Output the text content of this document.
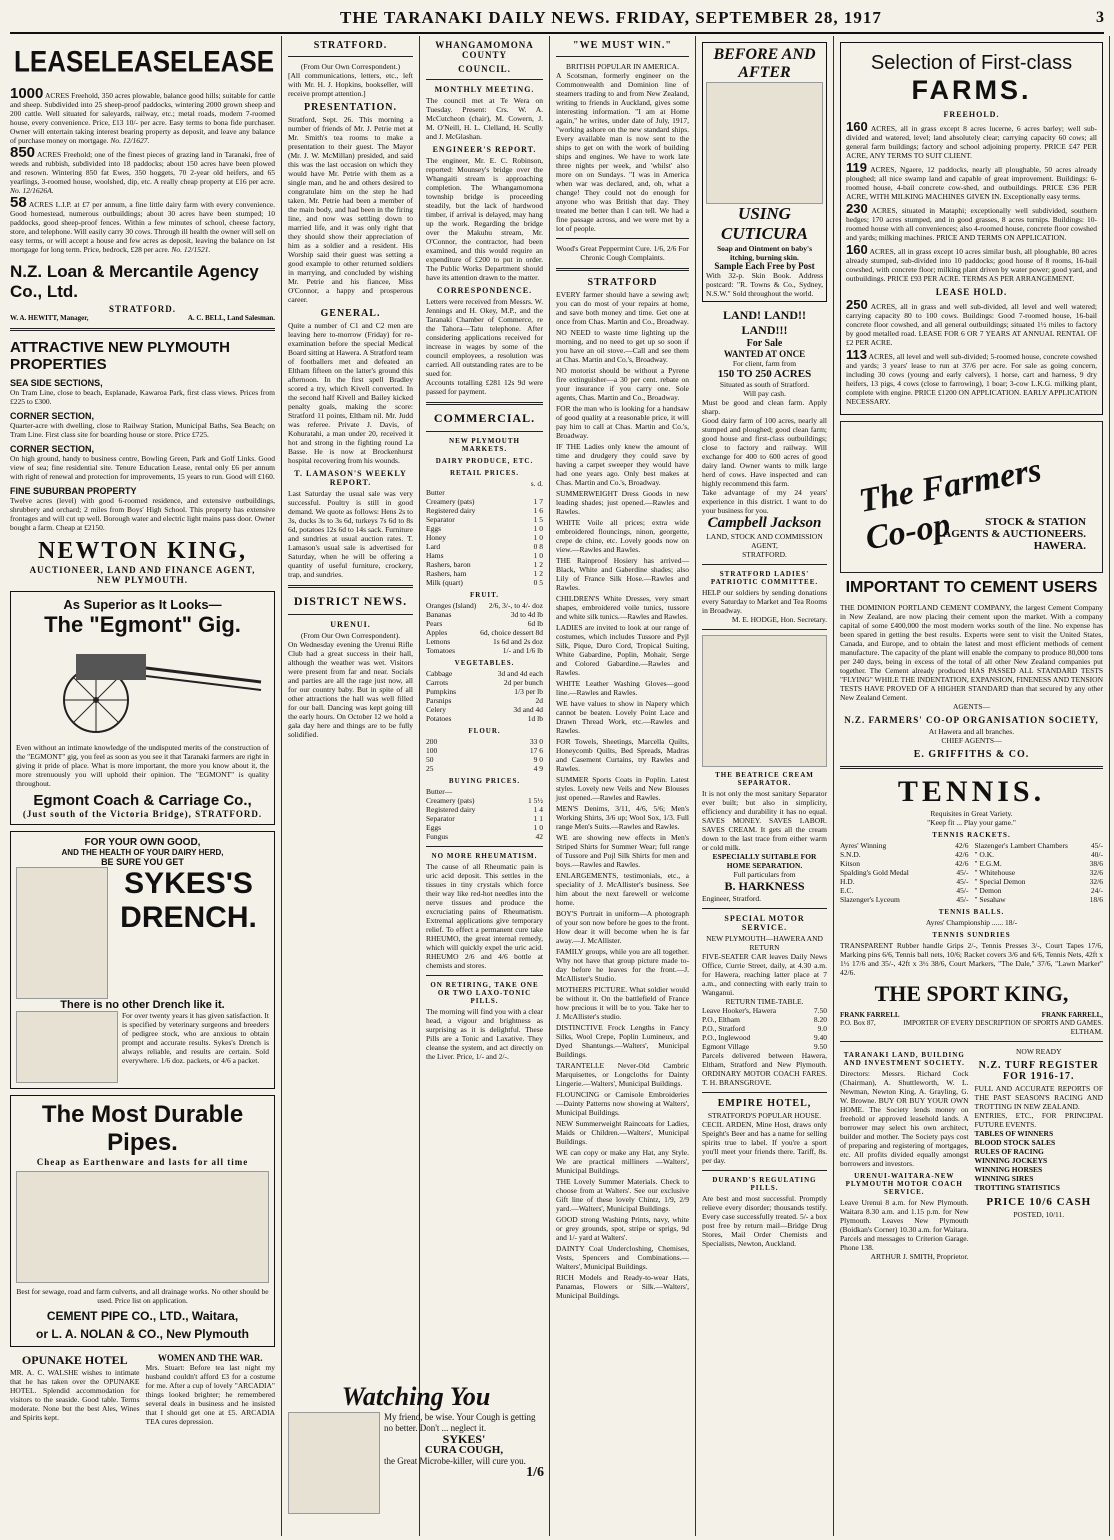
THE TARANAKI DAILY NEWS. FRIDAY, SEPTEMBER 28, 1917	3
LEASE LEASE LEASE
1000 ACRES Freehold, 350 acres plowable, balance good hills; suitable for cattle and sheep. Subdivided into 25 sheep-proof paddocks, wintering 2000 grown sheep and 200 cattle. Well situated for saleyards, railway, etc.; metal roads, modern 7-roomed house, every convenience. Price, £13 10/- per acre. Easy terms to bona fide purchaser. Owner will entertain taking interest bearing property as deposit, and leave any balance of purchase money on mortgage. No. 12/1627.
850 ACRES Freehold; one of the finest pieces of grazing land in Taranaki, free of weeds and rubbish, subdivided into 18 paddocks; about 150 acres have been plowed and resown. Wintering 850 fat Ewes, 350 hoggets, 70 2-year old heifers, and 65 yearlings, 3-roomed house, woolshed, dip, etc. A really cheap property at £16 per acre. No. 12/1626A.
58 ACRES L.I.P. at £7 per annum, a fine little dairy farm with every convenience. Good homestead, numerous outbuildings; about 30 acres have been stumped; 10 paddocks, good sheep-proof fences. Within a few minutes of school, cheese factory, store, and telephone. Will easily carry 30 cows. Through ill health the owner will sell on easy terms, or will accept a house and few acres as deposit, leaving the balance on 1st mortgage for long term. Price, bedrock, £28 per acre. No. 12/1521.
N.Z. Loan & Mercantile Agency Co., Ltd.
STRATFORD.
W. A. HEWITT, Manager,	A. C. BELL, Land Salesman.
ATTRACTIVE NEW PLYMOUTH PROPERTIES
SEA SIDE SECTIONS,
On Tram Line, close to beach, Esplanade, Kawaroa Park, first class views. Prices from £225 to £300.
CORNER SECTION,
Quarter-acre with dwelling, close to Railway Station, Municipal Baths, Sea Beach; on Tram Line. First class site for boarding house or store. Price £725.
CORNER SECTION,
On high ground, handy to business centre, Bowling Green, Park and Golf Links. Good view of sea; fine residential site. Tenure Education Lease, rental only £6 per annum with right of renewal and protection for improvements, 15 years to run. Good will £160.
FINE SUBURBAN PROPERTY
Twelve acres (level) with good 6-roomed residence, and extensive outbuildings, shrubbery and orchard; 2 miles from Boys' High School. This property has extensive frontages and will cut up well. Borough water and electric light mains pass door. Owner bought a farm. Cheap at £2150.
NEWTON KING,
AUCTIONEER, LAND AND FINANCE AGENT,
NEW PLYMOUTH.
As Superior as It Looks—
The "Egmont" Gig.
Even without an intimate knowledge of the undisputed merits of the construction of the "EGMONT" gig, you feel as soon as you see it that Taranaki farmers are right in giving it pride of place. What is more important, the more you know about it, the more strenuously you will uphold their opinion. The "EGMONT" is quality throughout.
Egmont Coach & Carriage Co.,
(Just south of the Victoria Bridge), STRATFORD.
FOR YOUR OWN GOOD,
AND THE HEALTH OF YOUR DAIRY HERD,
BE SURE YOU GET
SYKES'S
DRENCH.
There is no other Drench like it.
For over twenty years it has given satisfaction. It is specified by veterinary surgeons and breeders of pedigree stock, who are anxious to obtain prompt and accurate results. Sykes's Drench is always reliable, and results are certain. Sold everywhere. 1/6 doz. packets, or 4/6 a packet.
The Most Durable Pipes.
Cheap as Earthenware and lasts for all time
Best for sewage, road and farm culverts, and all drainage works. No other should be used. Price list on application.
CEMENT PIPE CO., LTD., Waitara,
or L. A. NOLAN & CO., New Plymouth
OPUNAKE HOTEL
MR. A. C. WALSHE wishes to intimate that he has taken over the OPUNAKE HOTEL. Splendid accommodation for visitors to the seaside. Good table. Terms moderate. None but the best Ales, Wines and Spirits kept.
WOMEN AND THE WAR.
Mrs. Stuart: Before tea last night my husband couldn't afford £3 for a costume for me. After a cup of lovely "ARCADIA" things looked brighter; he remembered several deals in business and he insisted that I should get one at £5. ARCADIA TEA cures depression.
STRATFORD.
(From Our Own Correspondent.)
[All communications, letters, etc., left with Mr. H. J. Hopkins, bookseller, will receive prompt attention.]
PRESENTATION.
Stratford, Sept. 26. This morning a number of friends of Mr. J. Petrie met at Mr. Smith's tea rooms to make a presentation to their guest. The Mayor (Mr. J. W. McMillan) presided, and said this was the last occasion on which they would have Mr. Petrie with them as a single man, and he and others desired to congratulate him on the step he had taken. Mr. Petrie had been a member of the main body, and had been in the firing line, and now was settling down to married life, and it was only right that they should show their appreciation of him as a soldier and a resident. His Worship said their guest was setting a good example to other returned soldiers in marrying, and concluded by wishing Mr. Petrie and his fiancee, Miss O'Connor, a happy and prosperous career.
GENERAL.
Quite a number of C1 and C2 men are leaving here to-morrow (Friday) for re-examination before the special Medical Board sitting at Hawera. A Stratford team of footballers met and defeated an Eltham fifteen on the latter's ground this afternoon. In the first spell Bradley scored a try, which Kivell converted. In the second half Kivell and Bailey kicked penalty goals, making the score: Stratford 11 points, Eltham nil. Mr. Judd was referee. Private J. Davis, of Kohuratahi, a man under 20, received it hot and strong in the fighting round La Basse. He is now at Brockenhurst hospital recovering from his wounds.
T. LAMASON'S WEEKLY REPORT.
Last Saturday the usual sale was very successful. Poultry is still in good demand. We quote as follows: Hens 2s to 3s, ducks 3s to 3s 6d, turkeys 7s 6d to 8s 6d, potatoes 12s 6d to 14s sack. Furniture and sundries at usual auction rates. T. Lamason's usual sale is advertised for Saturday, when he will be offering a quantity of useful furniture, crockery, trap, and sundries.
DISTRICT NEWS.
URENUI.
(From Our Own Correspondent).
On Wednesday evening the Urenui Rifle Club had a great success in their hall, although the weather was wet. Visitors were present from far and near. Socials and parties are all the rage just now, all for our country baby. But in spite of all other attractions the hall was well filled for our ball. Dancing was kept going till the early hours. On October 12 we hold a gala day here and things are to be fully solidified.
WHANGAMOMONA COUNTY
COUNCIL.
MONTHLY MEETING.
The council met at Te Wera on Tuesday. Present: Crs. W. A. McCutcheon (chair), M. Cowern, J. M. O'Neill, H. L. Clelland, H. Scully and J. McGlashan.
ENGINEER'S REPORT.
The engineer, Mr. E. C. Robinson, reported: Mounsey's bridge over the Whangaiti stream is approaching completion. The Whangamomona township bridge is proceeding steadily, but the lack of hardwood timber, if arrival is delayed, may hang up the work. Regarding the bridge over the Makuhu stream, Mr. O'Connor, the contractor, had been examined, and this would require an expenditure of £200 to put in order. The Public Works Department should have its attention drawn to the matter.
CORRESPONDENCE.
Letters were received from Messrs. W. Jennings and H. Okey, M.P., and the Taranaki Chamber of Commerce, re the Tahora—Tatu telephone. After considering applications received for increase in wages by some of the council employees, a resolution was carried. All outstanding rates are to be sued for.
Accounts totalling £281 12s 9d were passed for payment.
COMMERCIAL.
NEW PLYMOUTH MARKETS.
DAIRY PRODUCE, ETC.
RETAIL PRICES.
s. d.
Butter	
Creamery (pats)	1 7
Registered dairy	1 6
Separator	1 5
Eggs	1 0
Honey	1 0
Lard	0 8
Hams	1 0
Rashers, baron	1 2
Rashers, ham	1 2
Milk (quart)	0 5
FRUIT.
Oranges (Island)	2/6, 3/-, to 4/- doz
Bananas	3d to 4d lb
Pears	6d lb
Apples	6d, choice dessert 8d
Lemons	1s 6d and 2s doz
Tomatoes	1/- and 1/6 lb
VEGETABLES.
Cabbage	3d and 4d each
Carrots	2d per bunch
Pumpkins	1/3 per lb
Parsnips	2d
Celery	3d and 4d
Potatoes	1d lb
FLOUR.
200	33 0
100	17 6
50	9 0
25	4 9
BUYING PRICES.
Butter—	
Creamery (pats)	1 5½
Registered dairy	1 4
Separator	1 1
Eggs	1 0
Fungus	42
NO MORE RHEUMATISM.
The cause of all Rheumatic pain is uric acid deposit. This settles in the tissues in tiny crystals which force their way like red-hot needles into the nerve tissues and produce the excruciating pains of Rheumatism. Extremal applications give temporary relief. To effect a permanent cure take RHEUMO, the great internal remedy, which will quickly expel the uric acid. RHEUMO 2/6 and 4/6 bottle at chemists and stores.
ON RETIRING, TAKE ONE OR TWO LAXO-TONIC PILLS.
The morning will find you with a clear head, a vigour and brightness as surprising as it is delightful. These Pills are a Tonic and Laxative. They cleanse the system, and act directly on the Liver. Price, 1/- and 2/-.
"WE MUST WIN."
BRITISH POPULAR IN AMERICA.
A Scotsman, formerly engineer on the Commonwealth and Dominion line of steamers trading to and from New Zealand, writing to friends in Auckland, gives some interesting information. "I am at Home again," he writes, under date of July, 1917, "working ashore on the new standard ships. Every available man is now sent to the ships to get on with the work of building ships and engines. We have to work late three nights per week, and 'whilst' also more on on Sundays. "I was in America when war was declared, and, oh, what a change! They could not do enough for anyone who was British that day. They treated me better than I can tell. We had a fine passage across, and we were met by a lot of people.
Wood's Great Peppermint Cure. 1/6, 2/6 For Chronic Cough Complaints.
STRATFORD
EVERY farmer should have a sewing awl; you can do most of your repairs at home, and save both money and time. Get one at once from Chas. Martin and Co., Broadway.
NO NEED to waste time lighting up the morning, and no need to get up so soon if you have an oil stove.—Call and see them at Chas. Martin and Co.'s, Broadway.
NO motorist should be without a Pyrene fire extinguisher—a 30 per cent. rebate on your insurance if you carry one. Sole agents, Chas. Martin and Co., Broadway.
FOR the man who is looking for a handsaw of good quality at a reasonable price, it will pay him to call at Chas. Martin and Co.'s, Broadway.
IF THE Ladies only knew the amount of time and drudgery they could save by having a carpet sweeper they would have had one years ago. Only best makes at Chas. Martin and Co.'s, Broadway.
SUMMERWEIGHT Dress Goods in new leading shades; just opened.—Rawles and Rawles.
WHITE Voile all prices; extra wide embroidered flouncings, ninon, georgette, crepe de chine, etc. Lovely goods now on view.—Rawles and Rawles.
THE Rainproof Hosiery has arrived—Black, White and Gaberdine shades; also Lily of France Silk Hose.—Rawles and Rawles.
CHILDREN'S White Dresses, very smart shapes, embroidered voile tunics, tussore and white silk tunics.—Rawles and Rawles.
LADIES are invited to look at our range of costumes, which includes Tussore and Pyjl Silk, Pique, Duro Cord, Tropical Suiting, White Gabardine, Poplin, Mohair, Serge and Colored Gabardine.—Rawles and Rawles.
WHITE Leather Washing Gloves—good line.—Rawles and Rawles.
WE have values to show in Napery which cannot be beaten. Lovely Point Lace and Drawn Thread Work, etc.—Rawles and Rawles.
FOR Towels, Sheetings, Marcella Quilts, Honeycomb Quilts, Bed Spreads, Madras and Casement Curtains, try Rawles and Rawles.
SUMMER Sports Coats in Poplin. Latest styles. Lovely new Veils and New Blouses just opened.—Rawles and Rawles.
MEN'S Denims, 3/11, 4/6, 5/6; Men's Working Shirts, 3/6 up; Wool Sox, 1/3. Full range Men's Suits.—Rawles and Rawles.
WE are showing new effects in Men's Striped Shirts for Summer Wear; full range of Tussore and Pujl Silk Shirts for men and boys.—Rawles and Rawles.
ENLARGEMENTS, testimonials, etc., a speciality of J. McAllister's business. See him about the next farewell or welcome home.
BOY'S Portrait in uniform—A photograph of your son now before he goes to the front. How dear it will become when he is far away.—J. McAllister.
FAMILY groups, while you are all together. Why not have that group picture made to-day before he leaves for the front.—J. McAllister's Studio.
MOTHERS PICTURE. What soldier would be without it. On the battlefield of France how precious it will be to you. Take her to J. McAllister's studio.
DISTINCTIVE Frock Lengths in Fancy Silks, Wool Crepe, Poplin Lumineux, and Dyed Shantungs.—Walters', Municipal Buildings.
TARANTELLE Never-Old Cambric Marquisettes, or Longcloths for Dainty Lingerie.—Walters', Municipal Buildings.
FLOUNCING or Camisole Embroideries —Dainty Patterns now showing at Walters', Municipal Buildings.
NEW Summerweight Raincoats for Ladies, Maids or Children.—Walters', Municipal Buildings.
WE can copy or make any Hat, any Style. We are practical milliners —Walters', Municipal Buildings.
THE Lovely Summer Materials. Check to choose from at Walters'. See our exclusive Gift line of these lovely Chintz, 1/9, 2/9 yard.—Walters', Municipal Buildings.
GOOD strong Washing Prints, navy, white or grey grounds, spot, stripe or sprigs, 9d and 1/- yard at Walters'.
DAINTY Coal Undercloshing, Chemises, Vests, Spencers and Combinations.—Walters', Municipal Buildings.
RICH Models and Ready-to-wear Hats, Panamas, Flowers or Silk.—Walters', Municipal Buildings.
BEFORE AND AFTER
USING CUTICURA
Soap and Ointment on baby's itching, burning skin.
Sample Each Free by Post
With 32-p. Skin Book. Address postcard: "R. Towns & Co., Sydney, N.S.W." Sold throughout the world.
LAND! LAND!! LAND!!!
For Sale
WANTED AT ONCE
For client, farm from
150 TO 250 ACRES
Situated as south of Stratford.
Will pay cash.
Must be good and clean farm. Apply sharp.
Good dairy farm of 100 acres, nearly all stumped and ploughed; good clean farm; good house and first-class outbuildings; close to factory and railway. Will exchange for 400 to 600 acres of good dairy land. Owner wants to milk large herd of cows. Have inspected and can highly recommend this farm.
Take advantage of my 24 years' experience in this district. I want to do your business for you.
Campbell Jackson
LAND, STOCK AND COMMISSION AGENT,
STRATFORD.
STRATFORD LADIES' PATRIOTIC COMMITTEE.
HELP our soldiers by sending donations every Saturday to Market and Tea Rooms in Broadway.
M. E. HODGE, Hon. Secretary.
THE BEATRICE CREAM SEPARATOR.
It is not only the most sanitary Separator ever built; but also in simplicity, efficiency and durability it has no equal. SAVES MONEY. SAVES LABOR. SAVES CREAM. It gets all the cream down to the last trace from either warm or cold milk.
ESPECIALLY SUITABLE FOR HOME SEPARATION.
Full particulars from
B. HARKNESS
Engineer, Stratford.
SPECIAL MOTOR SERVICE.
NEW PLYMOUTH—HAWERA AND RETURN
FIVE-SEATER CAR leaves Daily News Office, Currie Street, daily, at 4.30 a.m. for Hawera, reaching latter place at 7 a.m., and connecting with early train to Wanganui.
RETURN TIME-TABLE.
Leave Hooker's, Hawera	7.50
P.O., Eltham	8.20
P.O., Stratford	9.0
P.O., Inglewood	9.40
Egmont Village	9.50
Parcels delivered between Hawera, Eltham, Stratford and New Plymouth. ORDINARY MOTOR COACH FARES. T. H. BRANSGROVE.
EMPIRE HOTEL,
STRATFORD'S POPULAR HOUSE.
CECIL ARDEN, Mine Host, draws only Speight's Beer and has a name for selling spirits true to label. If you're a sport you'll meet your friends there. Tariff, 8s. per day.
DURAND'S REGULATING PILLS.
Are best and most successful. Promptly relieve every disorder; thousands testify. Every case successfully treated. 5/- a box post free by return mail—Bridge Drug Stores, Mail Order Chemists and Specialists, Newton, Auckland.
Selection of First-class
FARMS.
FREEHOLD.
160 ACRES, all in grass except 8 acres lucerne, 6 acres barley; well sub-divided and watered, level; land absolutely clear; carrying capacity 60 cows; all general farm buildings; factory and school adjoining property. PRICE £47 PER ACRE, ANY TERMS TO SUIT CLIENT.
119 ACRES, Ngaere, 12 paddocks, nearly all ploughable, 50 acres already ploughed; all nice swamp land and capable of great improvement. Buildings: 6-roomed house, 4-bail concrete cow-shed, and outbuildings. PRICE £36 PER ACRE, WITH MILKING MACHINES GIVEN IN. Exceptionally easy terms.
230 ACRES, situated in Mataphi; exceptionally well subdivided, southern hedges; 170 acres stumped, and in good grasses, 8 acres turnips. Buildings: 10-roomed house with all conveniences; also 4-roomed house, concrete floor cowshed and yards; milking machines. PRICE AND TERMS ON APPLICATION.
160 ACRES, all in grass except 10 acres similar bush, all ploughable, 80 acres already stumped, sub-divided into 10 paddocks; good house of 8 rooms, 16-bail cowshed, with concrete floor; milking plant driven by water power; good yard, and outbuildings. PRICE £93 PER ACRE. TERMS AS PER ARRANGEMENT.
LEASE HOLD.
250 ACRES, all in grass and well sub-divided, all level and well watered; carrying capacity 80 to 100 cows. Buildings: Good 7-roomed house, 16-bail concrete floor cowshed, and all general outbuildings; situated 1½ miles to factory by good metalled road. LEASE FOR 6 OR 7 YEARS AT ANNUAL RENTAL OF £2 PER ACRE.
113 ACRES, all level and well sub-divided; 5-roomed house, concrete cowshed and yards; 3 years' lease to run at 37/6 per acre. For sale as going concern, including 30 cows (young and early calvers), 1 horse, cart and harness, 9 dry heifers, 13 pigs, 4 cows (close to farrowing), 1 boar; 3-cow L.K.G. milking plant, complete with engine. PRICE £1200 ON APPLICATION. EARLY APPLICATION NECESSARY.
The Farmers Co-op	STOCK & STATION
AGENTS & AUCTIONEERS.
HAWERA.
IMPORTANT TO CEMENT USERS
THE DOMINION PORTLAND CEMENT COMPANY, the largest Cement Company in New Zealand, are now placing their cement upon the market. With a company capital of some £400,000 the most modern works south of the line. No expense has been spared in getting the best results. Experts were sent to visit the United States, Canada, and Europe, and to obtain the latest and most efficient methods of cement manufacture. The capacity of the plant will enable the company to produce 80,000 tons per 240 days, being in excess of the total of all other New Zealand companies put together. The Cement already produced HAS PASSED ALL STANDARD TESTS "FLYING" WHILE THE INDENTATION, EXPANSION, FINENESS AND TENSION TESTS HAVE PROVED OF A HIGHER STANDARD than that secured by any other New Zealand Cement.
AGENTS—
N.Z. FARMERS' CO-OP ORGANISATION SOCIETY,
At Hawera and all branches.
CHIEF AGENTS—
E. GRIFFITHS & CO.
TENNIS.
Requisites in Great Variety.
"Keep fit ... Play your game."
TENNIS RACKETS.
Ayres' Winning	42/6
S.N.D.	42/6
Kitson	42/6
Spalding's Gold Medal	45/-
H.D.	45/-
E.C.	45/-
Slazenger's Lyceum	45/-
Slazenger's Lambert Chambers	45/-
" O.K.	40/-
" E.G.M.	38/6
" Whitehouse	32/6
" Special Demon	32/6
" Demon	24/-
" Sesahaw	18/6
TENNIS BALLS.
Ayres' Championship ...... 18/-
TENNIS SUNDRIES
TRANSPARENT Rubber handle Grips 2/-, Tennis Presses 3/-, Court Tapes 17/6, Marking pins 6/6, Tennis ball nets, 10/6; Racket covers 3/6 and 6/6, Tennis Nets, 42ft x 1½ 17/6 and 35/-, 42ft x 3½ 38/6, Court Markers, "The Dale," 37/6, "Lawn Marker" 42/6.
THE SPORT KING,
FRANK FARRELL	FRANK FARRELL,
P.O. Box 87,	IMPORTER OF EVERY DESCRIPTION OF SPORTS AND GAMES.
ELTHAM.
TARANAKI LAND, BUILDING AND INVESTMENT SOCIETY.
Directors: Messrs. Richard Cock (Chairman), A. Shuttleworth, W. L. Newman, Newton King, A. Grayling, G. W. Browne. BUY OR BUY YOUR OWN HOME. The Society lends money on freehold or approved leasehold lands. A borrower may select his own architect, builder and mother. The Society pays cost of preparing and registering of mortgages, etc. All profits divided equally amongst borrowers and investors.
URENUI-WAITARA-NEW PLYMOUTH MOTOR COACH SERVICE.
Leave Urenui 8 a.m. for New Plymouth. Waitara 8.30 a.m. and 1.15 p.m. for New Plymouth. Leaves New Plymouth (Boidkan's Corner) 10.30 a.m. for Waitara. Parcels and messages to Criterion Garage. Phone 138.
ARTHUR J. SMITH, Proprietor.
NOW READY
N.Z. TURF REGISTER FOR 1916-17.
FULL AND ACCURATE REPORTS OF THE PAST SEASON'S RACING AND TROTTING IN NEW ZEALAND.
ENTRIES, ETC., FOR PRINCIPAL FUTURE EVENTS.
TABLES OF WINNERS
BLOOD STOCK SALES
RULES OF RACING
WINNING JOCKEYS
WINNING HORSES
WINNING SIRES
TROTTING STATISTICS
PRICE 10/6 CASH
POSTED, 10/11.
Watching You
My friend, be wise. Your Cough is getting no better. Don't ... neglect it.
SYKES'
CURA COUGH,
the Great Microbe-killer, will cure you.
1/6
